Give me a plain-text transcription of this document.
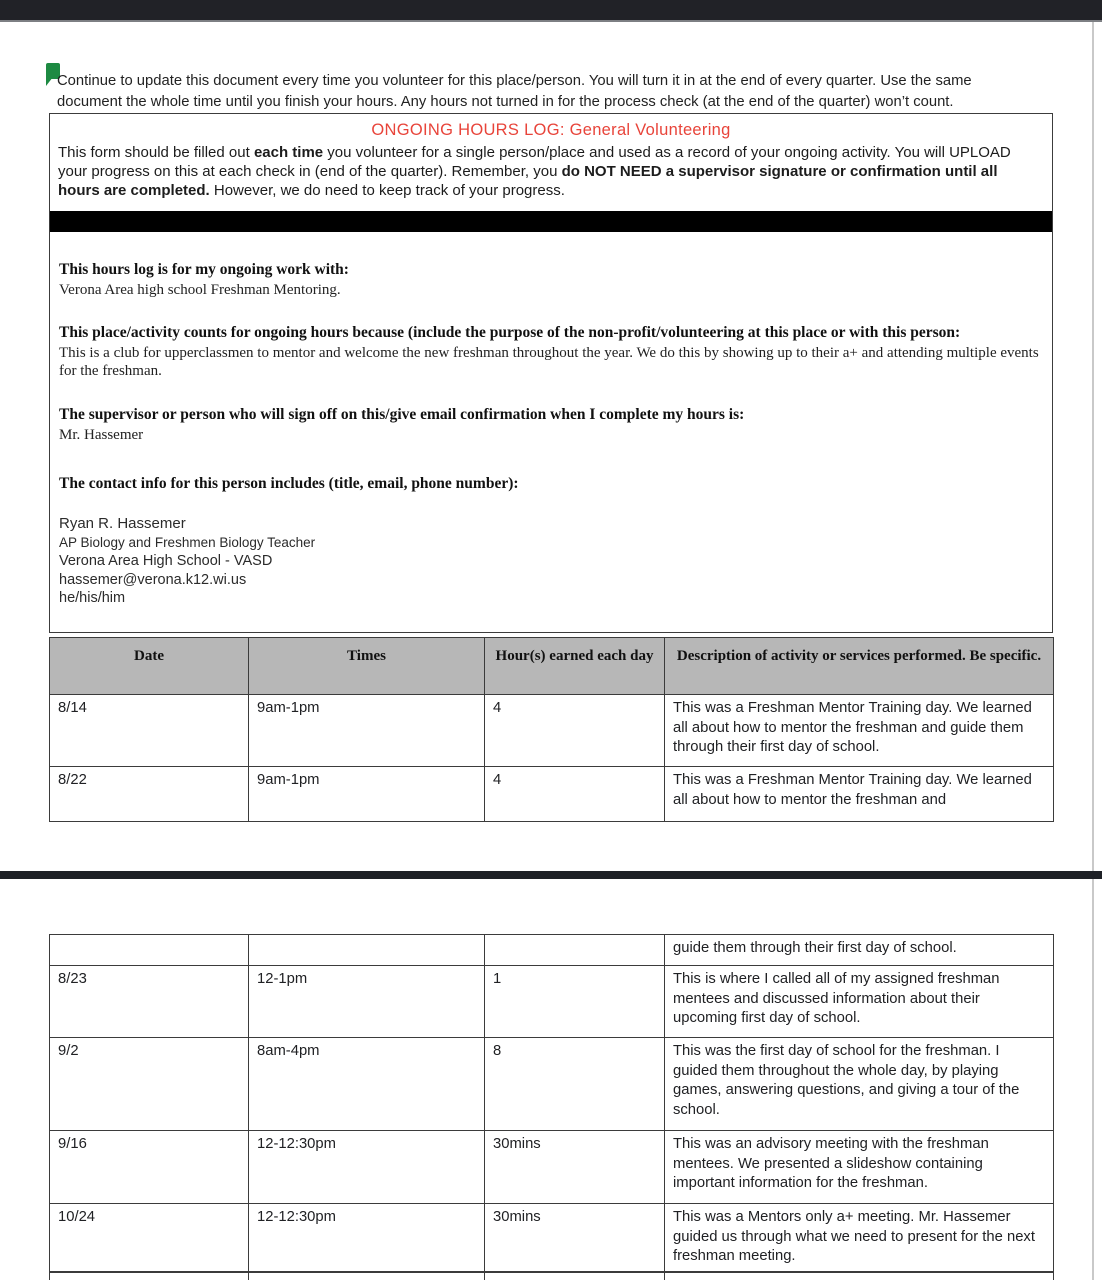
Continue to update this document every time you volunteer for this place/person. You will turn it in at the end of every quarter. Use the same
document the whole time until you finish your hours. Any hours not turned in for the process check (at the end of the quarter) won’t count.
ONGOING HOURS LOG: General Volunteering
This form should be filled out each time you volunteer for a single person/place and used as a record of your ongoing activity. You will UPLOAD your progress on this at each check in (end of the quarter). Remember, you do NOT NEED a supervisor signature or confirmation until all hours are completed. However, we do need to keep track of your progress.
This hours log is for my ongoing work with:
Verona Area high school Freshman Mentoring.
This place/activity counts for ongoing hours because (include the purpose of the non-profit/volunteering at this place or with this person:
This is a club for upperclassmen to mentor and welcome the new freshman throughout the year. We do this by showing up to their a+ and attending multiple events for the freshman.
The supervisor or person who will sign off on this/give email confirmation when I complete my hours is:
Mr. Hassemer
The contact info for this person includes (title, email, phone number):
Ryan R. Hassemer
AP Biology and Freshmen Biology Teacher
Verona Area High School - VASD
hassemer@verona.k12.wi.us
he/his/him
Date	Times	Hour(s) earned each day	Description of activity or services performed. Be specific.
8/14	9am-1pm	4	This was a Freshman Mentor Training day. We learned all about how to mentor the freshman and guide them through their first day of school.
8/22	9am-1pm	4	This was a Freshman Mentor Training day. We learned all about how to mentor the freshman and
			guide them through their first day of school.
8/23	12-1pm	1	This is where I called all of my assigned freshman mentees and discussed information about their upcoming first day of school.
9/2	8am-4pm	8	This was the first day of school for the freshman. I guided them throughout the whole day, by playing games, answering questions, and giving a tour of the school.
9/16	12-12:30pm	30mins	This was an advisory meeting with the freshman mentees. We presented a slideshow containing important information for the freshman.
10/24	12-12:30pm	30mins	This was a Mentors only a+ meeting. Mr. Hassemer guided us through what we need to present for the next freshman meeting.
